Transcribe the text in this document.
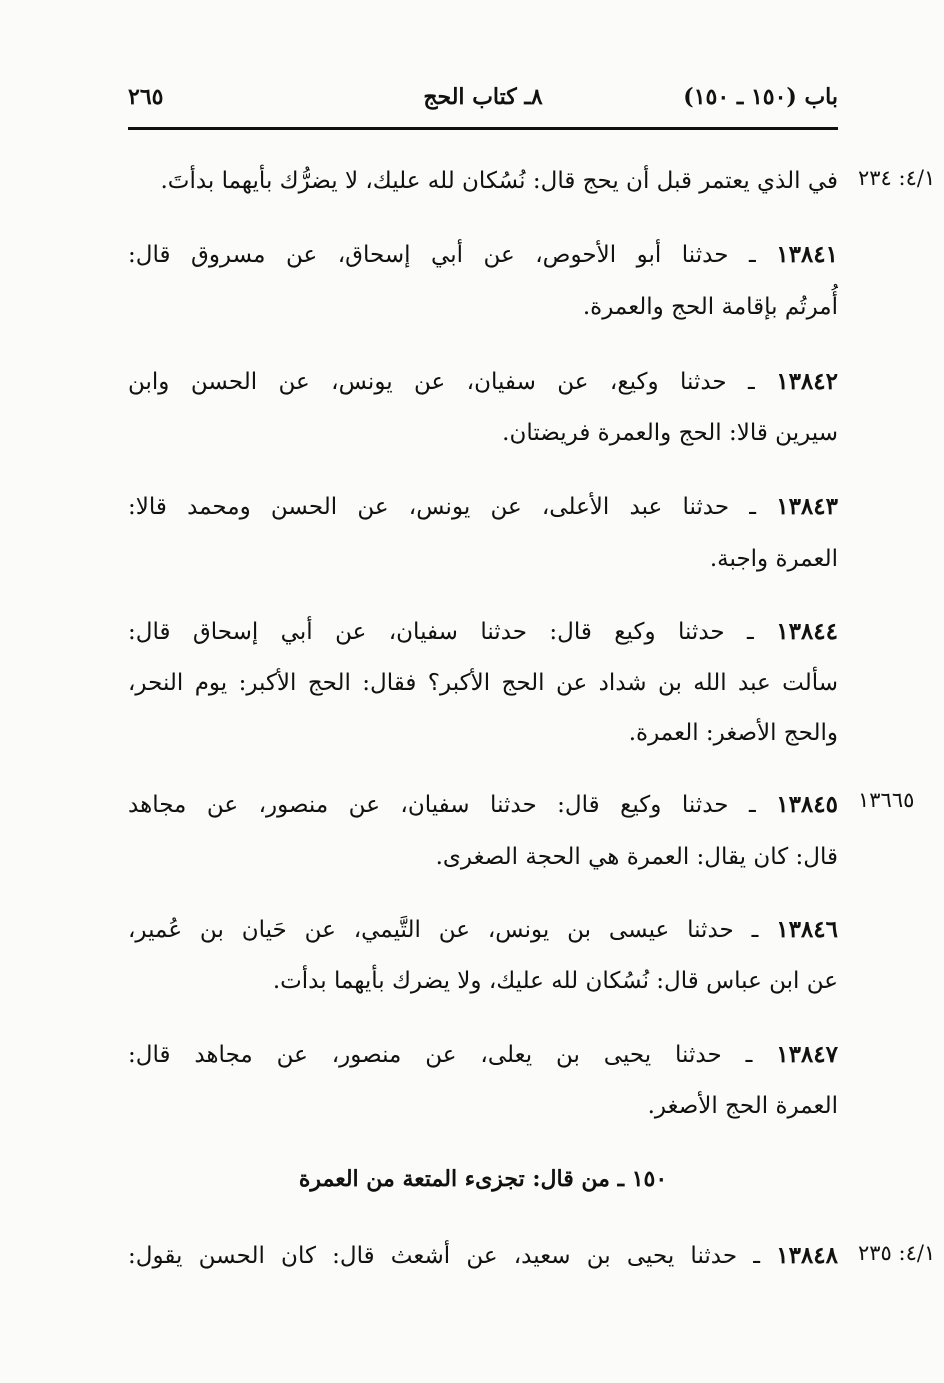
باب (١٥٠ ـ ١٥٠)
٨ـ كتاب الحج
٢٦٥
٤/١: ٢٣٤
١٣٦٦٥
٤/١: ٢٣٥
في الذي يعتمر قبل أن يحج قال: نُسُكان لله عليك، لا يضرُّك بأيهما بدأتَ.
١٣٨٤١ ـ حدثنا أبو الأحوص، عن أبي إسحاق، عن مسروق قال:
أُمرتُم بإقامة الحج والعمرة.
١٣٨٤٢ ـ حدثنا وكيع، عن سفيان، عن يونس، عن الحسن وابن
سيرين قالا: الحج والعمرة فريضتان.
١٣٨٤٣ ـ حدثنا عبد الأعلى، عن يونس، عن الحسن ومحمد قالا:
العمرة واجبة.
١٣٨٤٤ ـ حدثنا وكيع قال: حدثنا سفيان، عن أبي إسحاق قال:
سألت عبد الله بن شداد عن الحج الأكبر؟ فقال: الحج الأكبر: يوم النحر،
والحج الأصغر: العمرة.
١٣٨٤٥ ـ حدثنا وكيع قال: حدثنا سفيان، عن منصور، عن مجاهد
قال: كان يقال: العمرة هي الحجة الصغرى.
١٣٨٤٦ ـ حدثنا عيسى بن يونس، عن التَّيمي، عن حَيان بن عُمير،
عن ابن عباس قال: نُسُكان لله عليك، ولا يضرك بأيهما بدأت.
١٣٨٤٧ ـ حدثنا يحيى بن يعلى، عن منصور، عن مجاهد قال:
العمرة الحج الأصغر.
١٥٠ ـ من قال: تجزىء المتعة من العمرة
١٣٨٤٨ ـ حدثنا يحيى بن سعيد، عن أشعث قال: كان الحسن يقول:
